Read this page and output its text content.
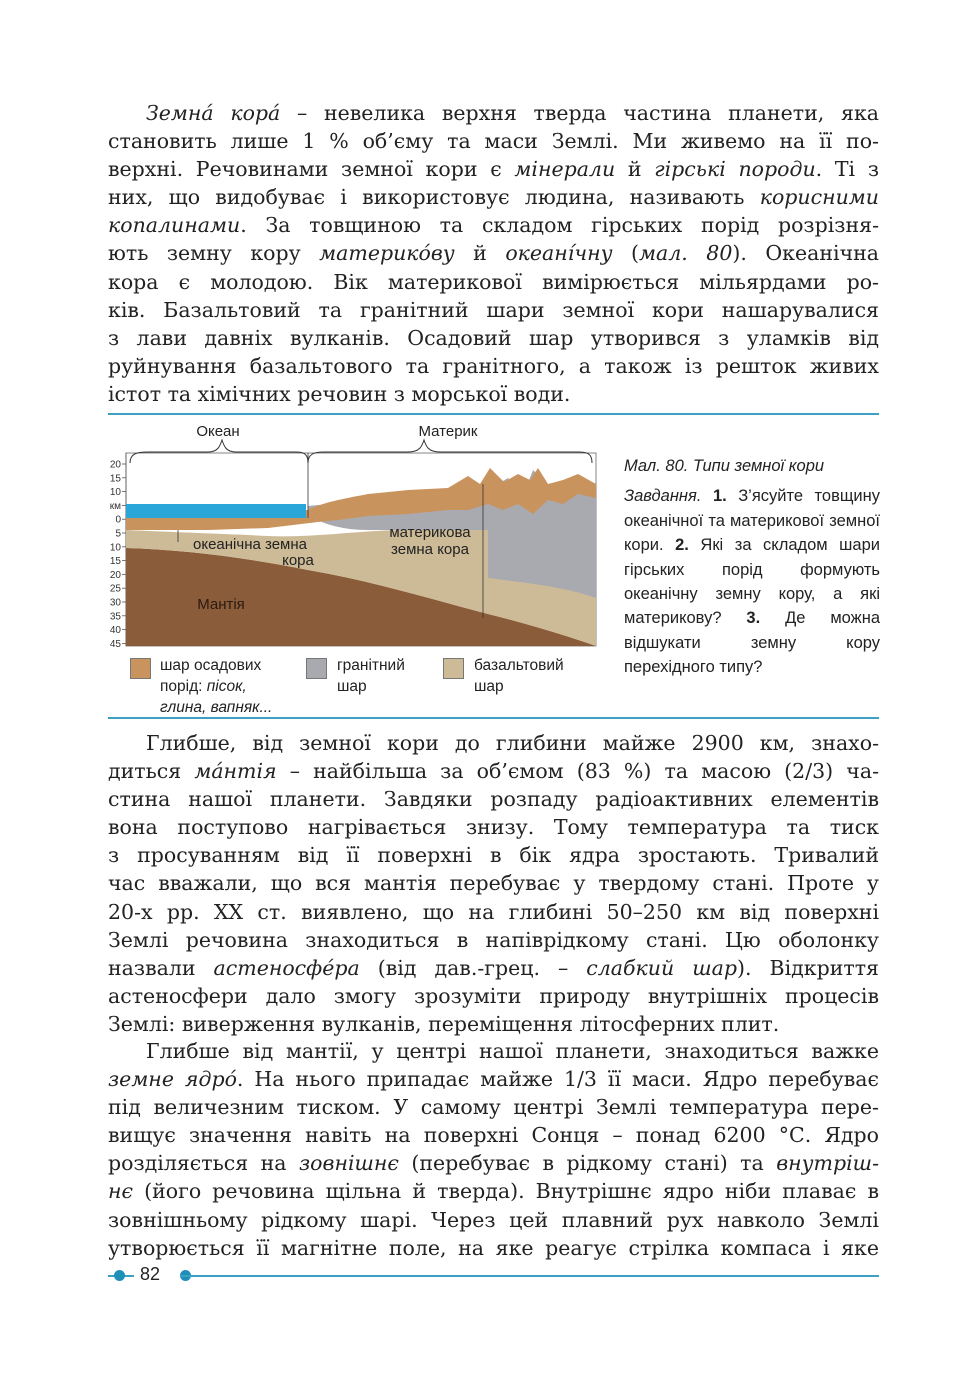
Земна́ кора́ – невелика верхня тверда частина планети, яка
становить лише 1 % об’єму та маси Землі. Ми живемо на її по-
верхні. Речовинами земної кори є мінерали й гірські породи. Ті з
них, що видобуває і використовує людина, називають корисними
копалинами. За товщиною та складом гірських порід розрізня-
ють земну кору материко́ву й океані́чну (мал. 80). Океанічна
кора є молодою. Вік материкової вимірюється мільярдами ро-
ків. Базальтовий та гранітний шари земної кори нашарувалися
з лави давніх вулканів. Осадовий шар утворився з уламків від
руйнування базальтового та гранітного, а також із решток живих
істот та хімічних речовин з морської води.
20
15
10
км
0
5
10
15
20
25
30
35
40
45
Океан	Материк
океанічна земна
кора
материкова
земна кора
Мантія
шар осадових
порід: пісок,
глина, вапняк...
гранітний
шар
базальтовий
шар
Мал. 80. Типи земної кори
Завдання. 1. З’ясуйте товщину океанічної та материкової земної кори. 2. Які за складом шари гірських порід формують океанічну земну кору, а які материкову? 3. Де можна відшукати земну кору перехідного типу?
Глибше, від земної кори до глибини майже 2900 км, знахо-
диться ма́нтія – найбільша за об’ємом (83 %) та масою (2/3) ча-
стина нашої планети. Завдяки розпаду радіоактивних елементів
вона поступово нагрівається знизу. Тому температура та тиск
з просуванням від її поверхні в бік ядра зростають. Тривалий
час вважали, що вся мантія перебуває у твердому стані. Проте у
20-х рр. XX ст. виявлено, що на глибині 50–250 км від поверхні
Землі речовина знаходиться в напіврідкому стані. Цю оболонку
назвали астеносфе́ра (від дав.-грец. – слабкий шар). Відкриття
астеносфери дало змогу зрозуміти природу внутрішніх процесів
Землі: виверження вулканів, переміщення літосферних плит.
Глибше від мантії, у центрі нашої планети, знаходиться важке
земне ядро́. На нього припадає майже 1/3 її маси. Ядро перебуває
під величезним тиском. У самому центрі Землі температура пере-
вищує значення навіть на поверхні Сонця – понад 6200 °С. Ядро
розділяється на зовнішнє (перебуває в рідкому стані) та внутріш-
нє (його речовина щільна й тверда). Внутрішнє ядро ніби плаває в
зовнішньому рідкому шарі. Через цей плавний рух навколо Землі
утворюється її магнітне поле, на яке реагує стрілка компаса і яке
82
